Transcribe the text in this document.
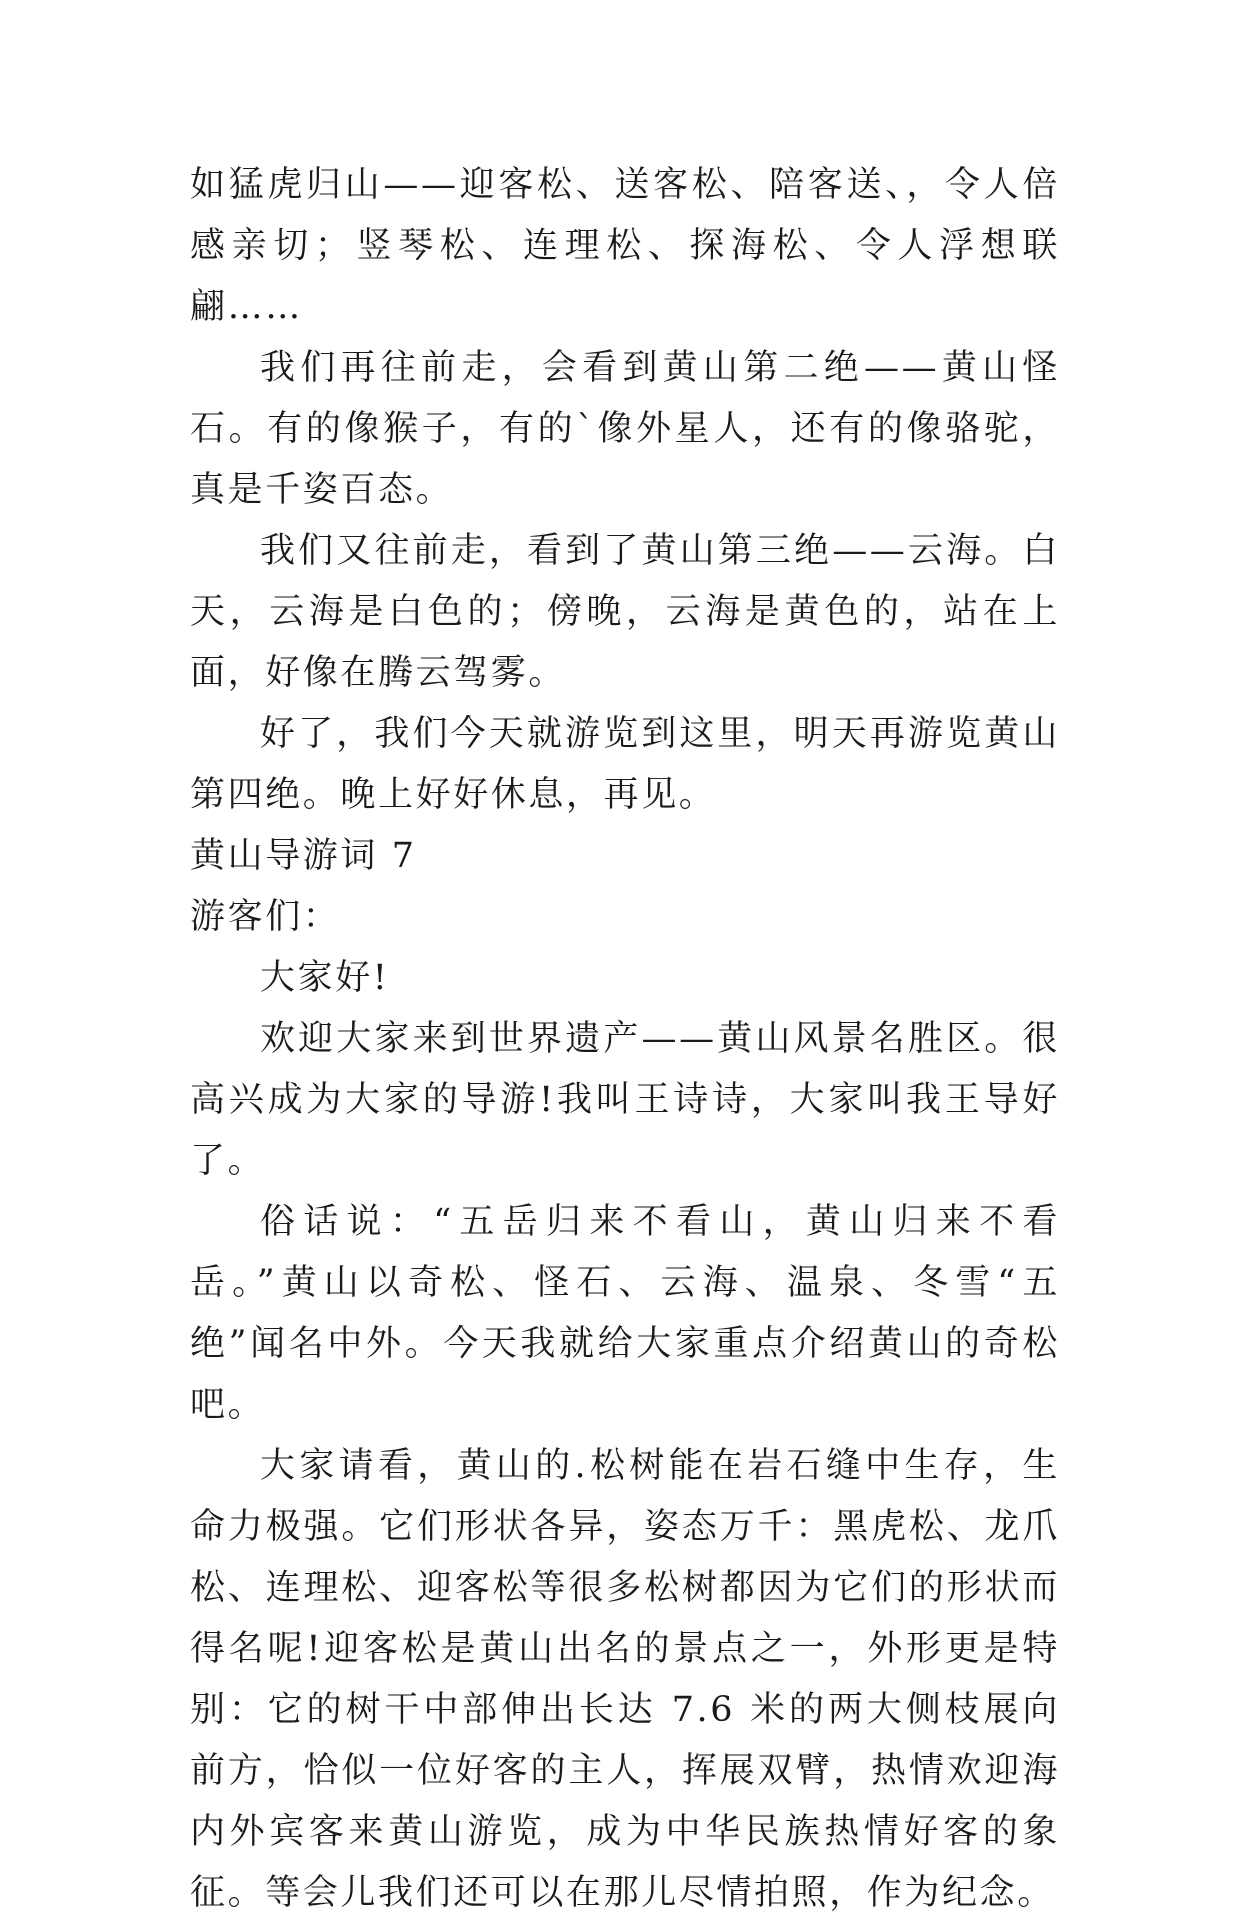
如猛虎归山——迎客松、送客松、陪客送、，令人倍感亲切；竖琴松、连理松、探海松、令人浮想联翩……

我们再往前走，会看到黄山第二绝——黄山怪石。有的像猴子，有的`像外星人，还有的像骆驼，真是千姿百态。

我们又往前走，看到了黄山第三绝——云海。白天，云海是白色的；傍晚，云海是黄色的，站在上面，好像在腾云驾雾。

好了，我们今天就游览到这里，明天再游览黄山第四绝。晚上好好休息，再见。

黄山导游词 7

游客们：

大家好!

欢迎大家来到世界遗产——黄山风景名胜区。很高兴成为大家的导游!我叫王诗诗，大家叫我王导好了。

俗话说：“五岳归来不看山，黄山归来不看岳。”黄山以奇松、怪石、云海、温泉、冬雪“五绝”闻名中外。今天我就给大家重点介绍黄山的奇松吧。

大家请看，黄山的.松树能在岩石缝中生存，生命力极强。它们形状各异，姿态万千：黑虎松、龙爪松、连理松、迎客松等很多松树都因为它们的形状而得名呢!迎客松是黄山出名的景点之一，外形更是特别：它的树干中部伸出长达 7.6 米的两大侧枝展向前方，恰似一位好客的主人，挥展双臂，热情欢迎海内外宾客来黄山游览，成为中华民族热情好客的象征。等会儿我们还可以在那儿尽情拍照，作为纪念。
